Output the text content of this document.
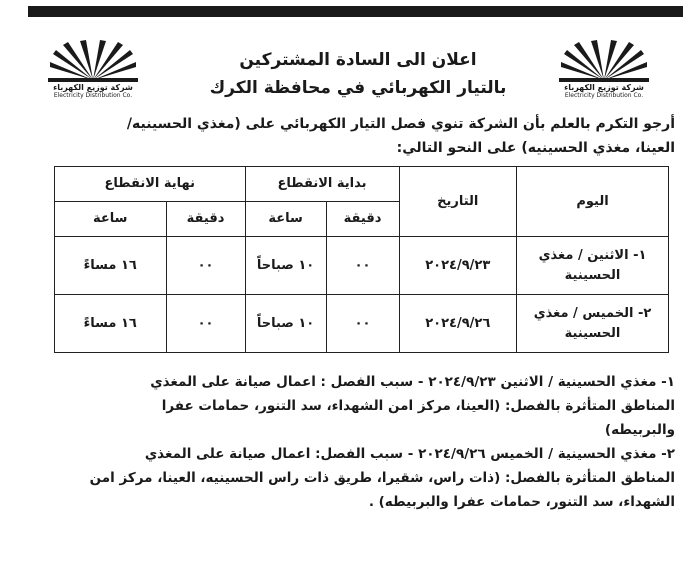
شركة توزيع الكهرباء
Electricity Distribution Co.
شركة توزيع الكهرباء
Electricity Distribution Co.
اعلان الى السادة المشتركين
بالتيار الكهربائي في محافظة الكرك
أرجو التكرم بالعلم بأن الشركة تنوي فصل التيار الكهربائي على (مغذي الحسينيه/
العينا، مغذي الحسينيه) على النحو التالي:
اليوم	التاريخ	بداية الانقطاع		نهاية الانقطاع	
		دقيقة	ساعة	دقيقة	ساعة
١- الاثنين / مغذي الحسينية	٢٠٢٤/٩/٢٣	٠٠	١٠ صباحاً	٠٠	١٦ مساءً
٢- الخميس / مغذي الحسينية	٢٠٢٤/٩/٢٦	٠٠	١٠ صباحاً	٠٠	١٦ مساءً

١- مغذي الحسينية / الاثنين ٢٠٢٤/٩/٢٣ - سبب الفصل : اعمال صيانة على المغذي

المناطق المتأثرة بالفصل: (العينا، مركز امن الشهداء، سد التنور، حمامات عفرا

والبربيطه)

٢- مغذي الحسينية / الخميس ٢٠٢٤/٩/٢٦ - سبب الفصل: اعمال صيانة على المغذي

المناطق المتأثرة بالفصل: (ذات راس، شقيرا، طريق ذات راس الحسينيه، العينا، مركز امن

الشهداء، سد التنور، حمامات عفرا والبربيطه) .
